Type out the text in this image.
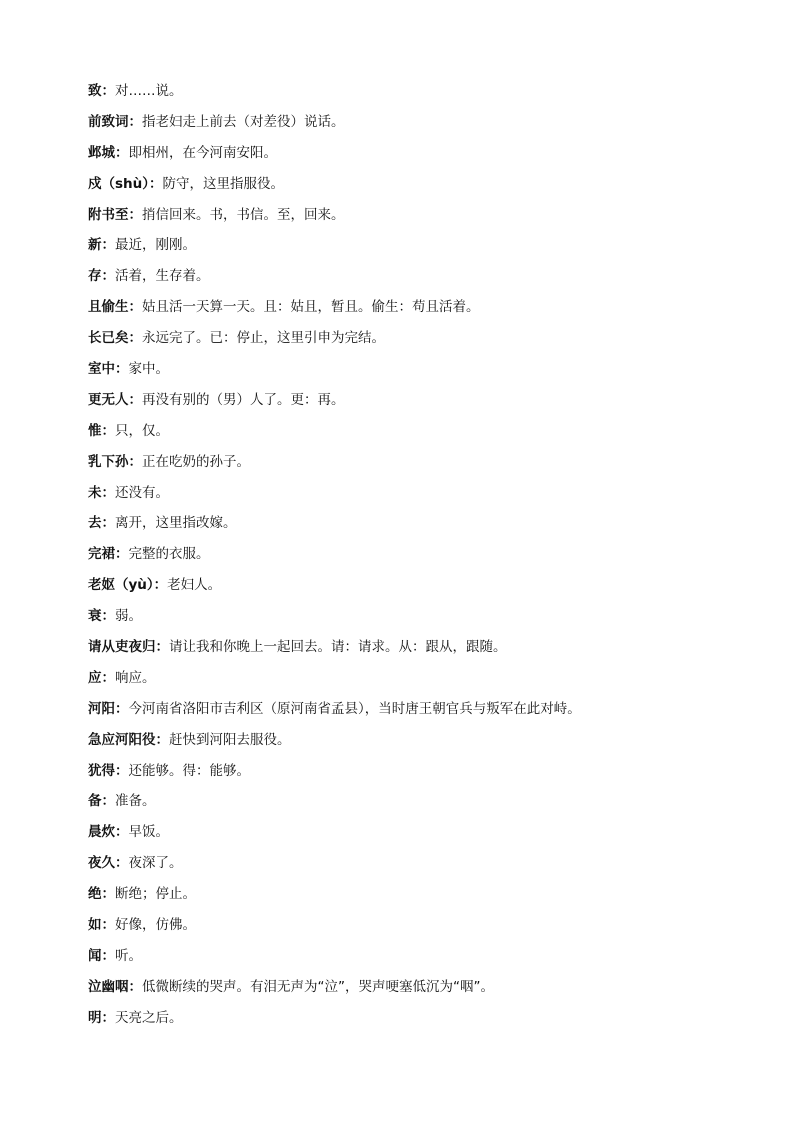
致：对……说。
前致词：指老妇走上前去（对差役）说话。
邺城：即相州，在今河南安阳。
戍（shù）：防守，这里指服役。
附书至：捎信回来。书，书信。至，回来。
新：最近，刚刚。
存：活着，生存着。
且偷生：姑且活一天算一天。且：姑且，暂且。偷生：苟且活着。
长已矣：永远完了。已：停止，这里引申为完结。
室中：家中。
更无人：再没有别的（男）人了。更：再。
惟：只，仅。
乳下孙：正在吃奶的孙子。
未：还没有。
去：离开，这里指改嫁。
完裙：完整的衣服。
老妪（yù）：老妇人。
衰：弱。
请从吏夜归：请让我和你晚上一起回去。请：请求。从：跟从，跟随。
应：响应。
河阳：今河南省洛阳市吉利区（原河南省孟县），当时唐王朝官兵与叛军在此对峙。
急应河阳役：赶快到河阳去服役。
犹得：还能够。得：能够。
备：准备。
晨炊：早饭。
夜久：夜深了。
绝：断绝；停止。
如：好像，仿佛。
闻：听。
泣幽咽：低微断续的哭声。有泪无声为“泣”，哭声哽塞低沉为“咽”。
明：天亮之后。
